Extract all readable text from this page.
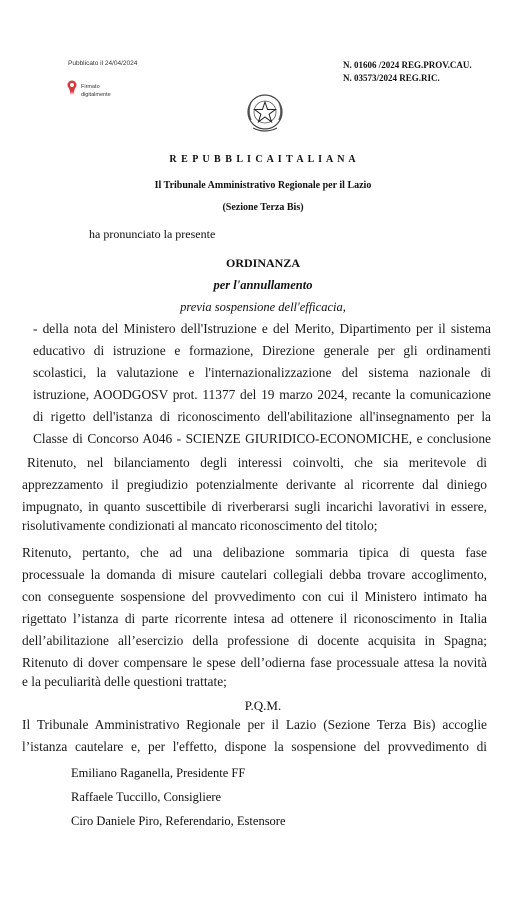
Pubblicato il 24/04/2024
Firmato
digitalmente
N. 01606 /2024 REG.PROV.CAU.
N. 03573/2024 REG.RIC.
R E P U B B L I C A I T A L I A N A
Il Tribunale Amministrativo Regionale per il Lazio
(Sezione Terza Bis)
ha pronunciato la presente
ORDINANZA
per l'annullamento
previa sospensione dell'efficacia,
- della nota del Ministero dell'Istruzione e del Merito, Dipartimento per il sistema
educativo di istruzione e formazione, Direzione generale per gli ordinamenti
scolastici, la valutazione e l'internazionalizzazione del sistema nazionale di
istruzione, AOODGOSV prot. 11377 del 19 marzo 2024, recante la comunicazione
di rigetto dell'istanza di riconoscimento dell'abilitazione all'insegnamento per la
Classe di Concorso A046 - SCIENZE GIURIDICO-ECONOMICHE, e conclusione
Ritenuto, nel bilanciamento degli interessi coinvolti, che sia meritevole di
apprezzamento il pregiudizio potenzialmente derivante al ricorrente dal diniego
impugnato, in quanto suscettibile di riverberarsi sugli incarichi lavorativi in essere,
risolutivamente condizionati al mancato riconoscimento del titolo;
Ritenuto, pertanto, che ad una delibazione sommaria tipica di questa fase
processuale la domanda di misure cautelari collegiali debba trovare accoglimento,
con conseguente sospensione del provvedimento con cui il Ministero intimato ha
rigettato l’istanza di parte ricorrente intesa ad ottenere il riconoscimento in Italia
dell’abilitazione all’esercizio della professione di docente acquisita in Spagna;
Ritenuto di dover compensare le spese dell’odierna fase processuale attesa la novità
e la peculiarità delle questioni trattate;
P.Q.M.
Il Tribunale Amministrativo Regionale per il Lazio (Sezione Terza Bis) accoglie
l’istanza cautelare e, per l'effetto, dispone la sospensione del provvedimento di
Emiliano Raganella, Presidente FF
Raffaele Tuccillo, Consigliere
Ciro Daniele Piro, Referendario, Estensore
